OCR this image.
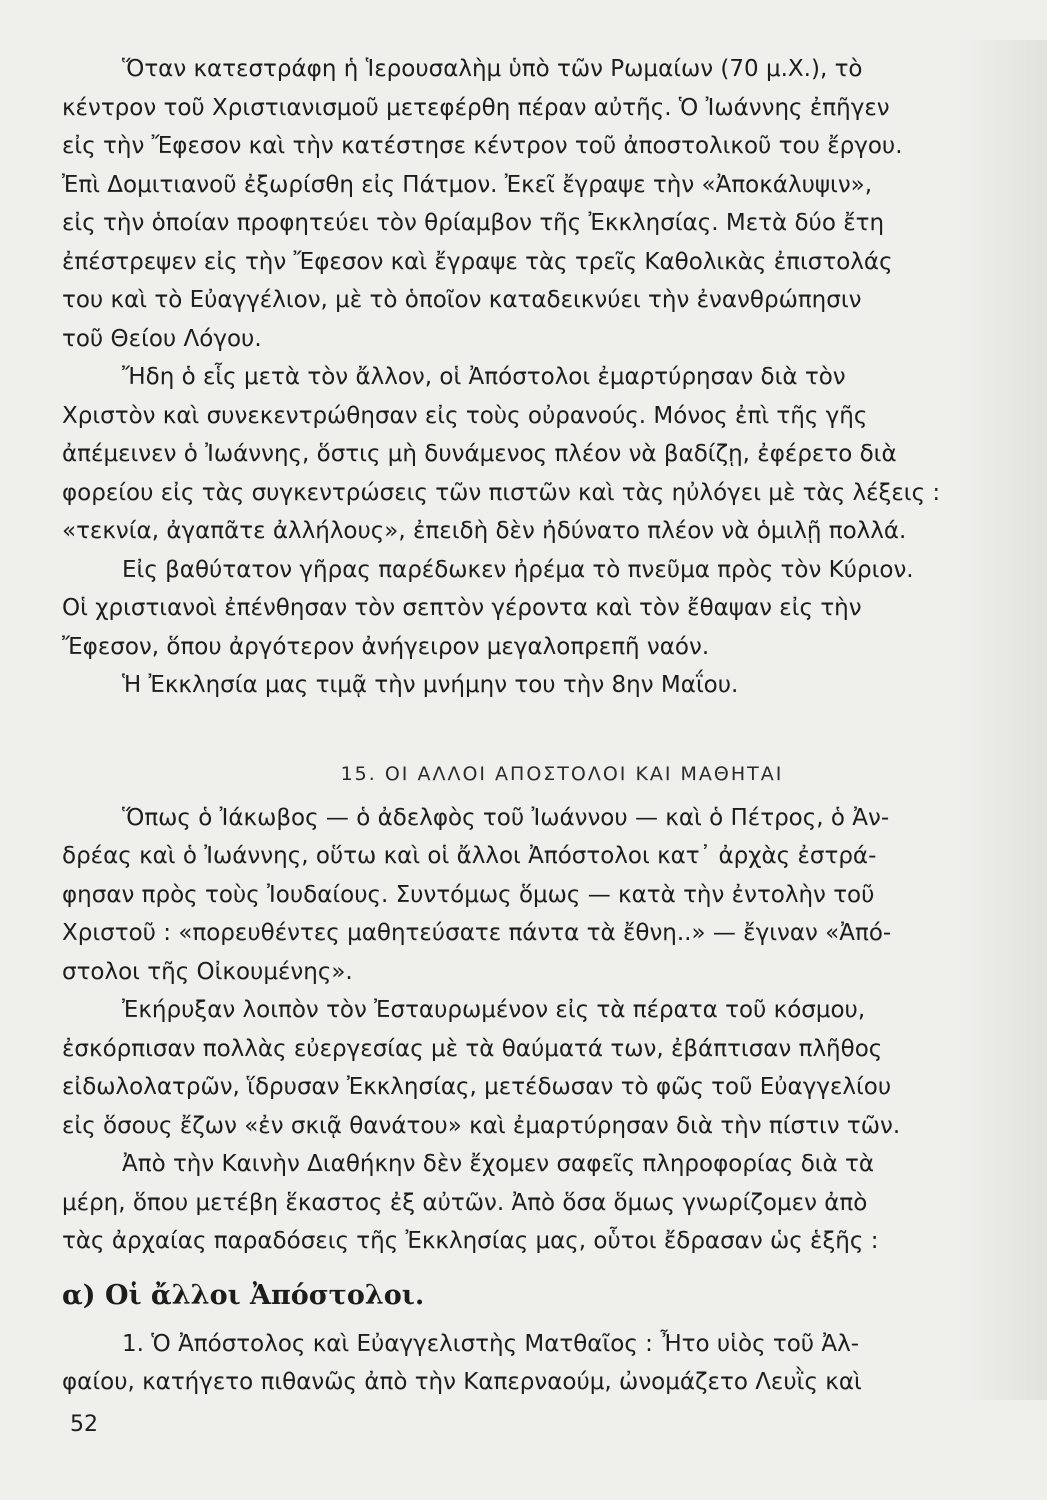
Ὅταν κατεστράφη ἡ Ἱερουσαλὴμ ὑπὸ τῶν Ρωμαίων (70 μ.Χ.), τὸ
κέντρον τοῦ Χριστιανισμοῦ μετεφέρθη πέραν αὐτῆς. Ὁ Ἰωάννης ἐπῆγεν
εἰς τὴν Ἔφεσον καὶ τὴν κατέστησε κέντρον τοῦ ἀποστολικοῦ του ἔργου.
Ἐπὶ Δομιτιανοῦ ἐξωρίσθη εἰς Πάτμον. Ἐκεῖ ἔγραψε τὴν «Ἀποκάλυψιν»,
εἰς τὴν ὁποίαν προφητεύει τὸν θρίαμβον τῆς Ἐκκλησίας. Μετὰ δύο ἔτη
ἐπέστρεψεν εἰς τὴν Ἔφεσον καὶ ἔγραψε τὰς τρεῖς Καθολικὰς ἐπιστολάς
του καὶ τὸ Εὐαγγέλιον, μὲ τὸ ὁποῖον καταδεικνύει τὴν ἐνανθρώπησιν
τοῦ Θείου Λόγου.
Ἤδη ὁ εἷς μετὰ τὸν ἄλλον, οἱ Ἀπόστολοι ἐμαρτύρησαν διὰ τὸν
Χριστὸν καὶ συνεκεντρώθησαν εἰς τοὺς οὐρανούς. Μόνος ἐπὶ τῆς γῆς
ἀπέμεινεν ὁ Ἰωάννης, ὅστις μὴ δυνάμενος πλέον νὰ βαδίζῃ, ἐφέρετο διὰ
φορείου εἰς τὰς συγκεντρώσεις τῶν πιστῶν καὶ τὰς ηὐλόγει μὲ τὰς λέξεις :
«τεκνία, ἀγαπᾶτε ἀλλήλους», ἐπειδὴ δὲν ἠδύνατο πλέον νὰ ὁμιλῇ πολλά.
Εἰς βαθύτατον γῆρας παρέδωκεν ἠρέμα τὸ πνεῦμα πρὸς τὸν Κύριον.
Οἱ χριστιανοὶ ἐπένθησαν τὸν σεπτὸν γέροντα καὶ τὸν ἔθαψαν εἰς τὴν
Ἔφεσον, ὅπου ἀργότερον ἀνήγειρον μεγαλοπρεπῆ ναόν.
Ἡ Ἐκκλησία μας τιμᾷ τὴν μνήμην του τὴν 8ην Μαΐου.
15. ΟΙ ΑΛΛΟΙ ΑΠΟΣΤΟΛΟΙ ΚΑΙ ΜΑΘΗΤΑΙ
Ὅπως ὁ Ἰάκωβος — ὁ ἀδελφὸς τοῦ Ἰωάννου — καὶ ὁ Πέτρος, ὁ Ἀν-
δρέας καὶ ὁ Ἰωάννης, οὕτω καὶ οἱ ἄλλοι Ἀπόστολοι κατ᾿ ἀρχὰς ἐστρά-
φησαν πρὸς τοὺς Ἰουδαίους. Συντόμως ὅμως — κατὰ τὴν ἐντολὴν τοῦ
Χριστοῦ : «πορευθέντες μαθητεύσατε πάντα τὰ ἔθνη..» — ἔγιναν «Ἀπό-
στολοι τῆς Οἰκουμένης».
Ἐκήρυξαν λοιπὸν τὸν Ἐσταυρωμένον εἰς τὰ πέρατα τοῦ κόσμου,
ἐσκόρπισαν πολλὰς εὐεργεσίας μὲ τὰ θαύματά των, ἐβάπτισαν πλῆθος
εἰδωλολατρῶν, ἵδρυσαν Ἐκκλησίας, μετέδωσαν τὸ φῶς τοῦ Εὐαγγελίου
εἰς ὅσους ἔζων «ἐν σκιᾷ θανάτου» καὶ ἐμαρτύρησαν διὰ τὴν πίστιν τῶν.
Ἀπὸ τὴν Καινὴν Διαθήκην δὲν ἔχομεν σαφεῖς πληροφορίας διὰ τὰ
μέρη, ὅπου μετέβη ἕκαστος ἐξ αὐτῶν. Ἀπὸ ὅσα ὅμως γνωρίζομεν ἀπὸ
τὰς ἀρχαίας παραδόσεις τῆς Ἐκκλησίας μας, οὗτοι ἔδρασαν ὡς ἑξῆς :
α) Οἱ ἄλλοι Ἀπόστολοι.
1. Ὁ Ἀπόστολος καὶ Εὐαγγελιστὴς Ματθαῖος : Ἦτο υἱὸς τοῦ Ἀλ-
φαίου, κατήγετο πιθανῶς ἀπὸ τὴν Καπερναούμ, ὠνομάζετο Λευῒς καὶ
52
